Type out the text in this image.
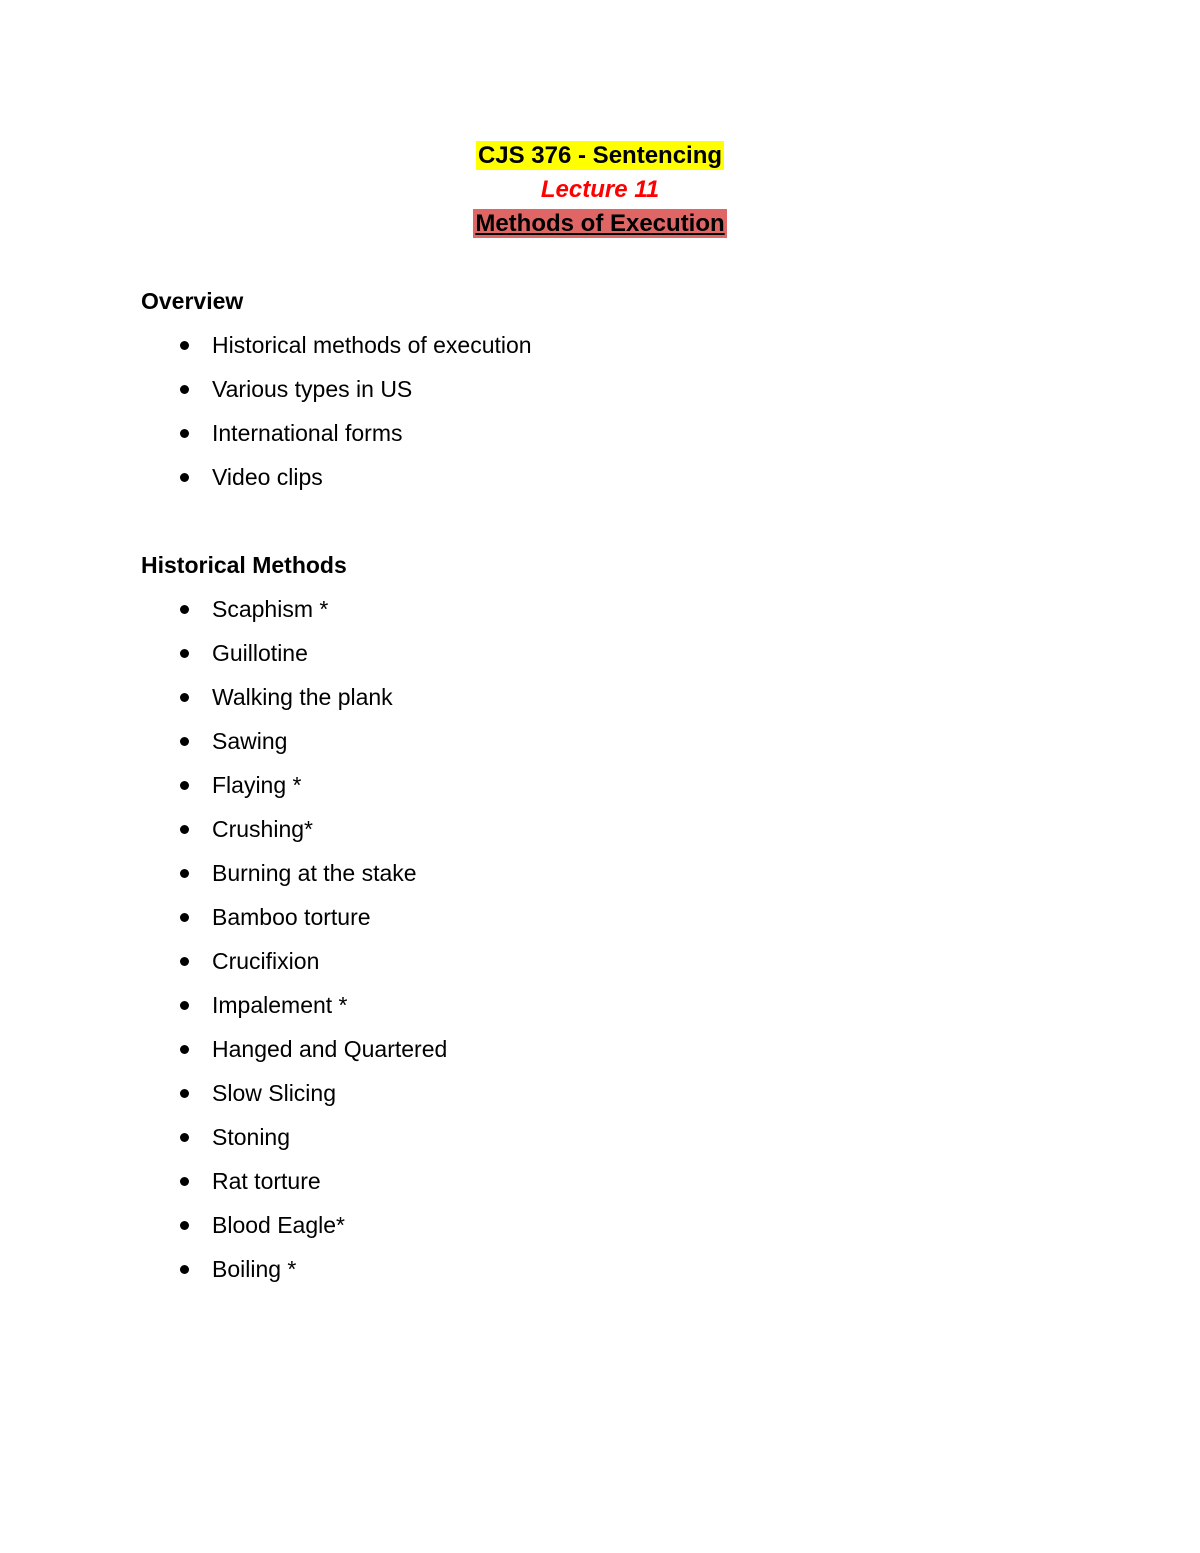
CJS 376 - Sentencing
Lecture 11
Methods of Execution
Overview
Historical methods of execution
Various types in US
International forms
Video clips
Historical Methods
Scaphism *
Guillotine
Walking the plank
Sawing
Flaying *
Crushing*
Burning at the stake
Bamboo torture
Crucifixion
Impalement *
Hanged and Quartered
Slow Slicing
Stoning
Rat torture
Blood Eagle*
Boiling *
